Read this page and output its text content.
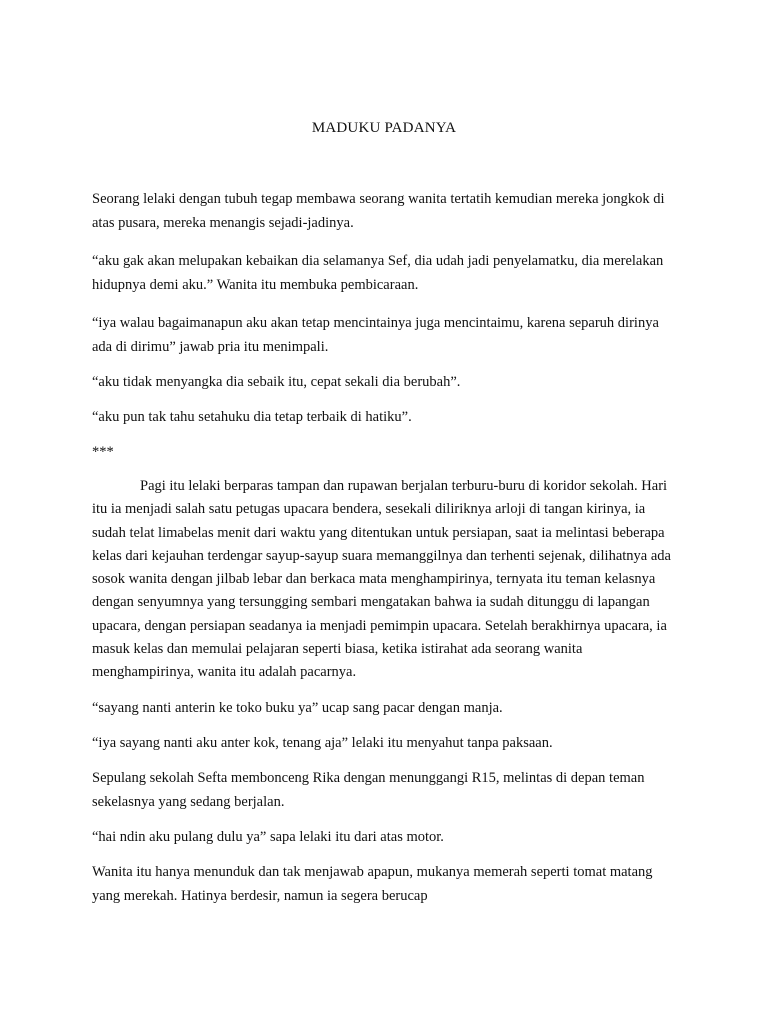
MADUKU PADANYA

Seorang lelaki dengan tubuh tegap membawa seorang wanita tertatih kemudian mereka jongkok di atas pusara, mereka menangis sejadi-jadinya.

“aku gak akan melupakan kebaikan dia selamanya Sef, dia udah jadi penyelamatku, dia merelakan hidupnya demi aku.” Wanita itu membuka pembicaraan.

“iya walau bagaimanapun aku akan tetap mencintainya juga mencintaimu, karena separuh dirinya ada di dirimu” jawab pria itu menimpali.

“aku tidak menyangka dia sebaik itu, cepat sekali dia berubah”.

“aku pun tak tahu setahuku dia tetap terbaik di hatiku”.

***

Pagi itu lelaki berparas tampan dan rupawan berjalan terburu-buru di koridor sekolah. Hari itu ia menjadi salah satu petugas upacara bendera, sesekali diliriknya arloji di tangan kirinya, ia sudah telat limabelas menit dari waktu yang ditentukan untuk persiapan, saat ia melintasi beberapa kelas dari kejauhan terdengar sayup-sayup suara memanggilnya dan terhenti sejenak, dilihatnya ada sosok wanita dengan jilbab lebar dan berkaca mata menghampirinya, ternyata itu teman kelasnya dengan senyumnya yang tersungging sembari mengatakan bahwa ia sudah ditunggu di lapangan upacara, dengan persiapan seadanya ia menjadi pemimpin upacara. Setelah berakhirnya upacara, ia masuk kelas dan memulai pelajaran seperti biasa, ketika istirahat ada seorang wanita menghampirinya, wanita itu adalah pacarnya.

“sayang nanti anterin ke toko buku ya” ucap sang pacar dengan manja.

“iya sayang nanti aku anter kok, tenang aja” lelaki itu menyahut tanpa paksaan.

Sepulang sekolah Sefta membonceng Rika dengan menunggangi R15, melintas di depan teman sekelasnya yang sedang berjalan.

“hai ndin aku pulang dulu ya” sapa lelaki itu dari atas motor.

Wanita itu hanya menunduk dan tak menjawab apapun, mukanya memerah seperti tomat matang yang merekah. Hatinya berdesir, namun ia segera berucap
